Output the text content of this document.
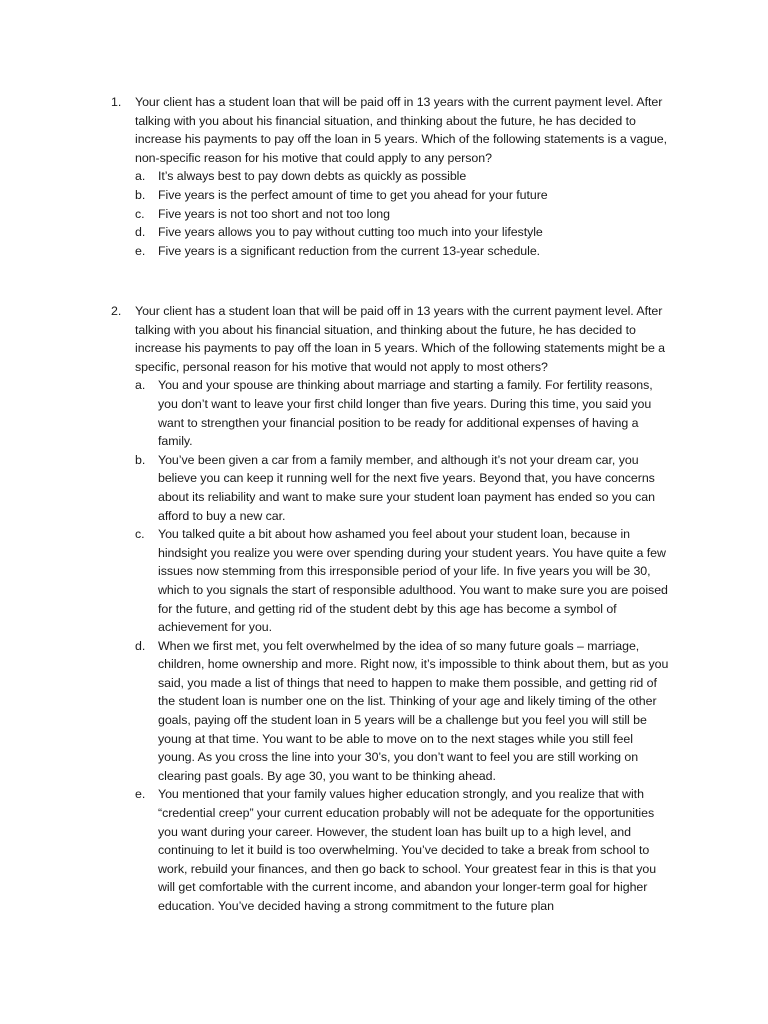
1.	Your client has a student loan that will be paid off in 13 years with the current payment level. After talking with you about his financial situation, and thinking about the future, he has decided to increase his payments to pay off the loan in 5 years. Which of the following statements is a vague, non-specific reason for his motive that could apply to any person?
a.	It’s always best to pay down debts as quickly as possible
b.	Five years is the perfect amount of time to get you ahead for your future
c.	Five years is not too short and not too long
d.	Five years allows you to pay without cutting too much into your lifestyle
e.	Five years is a significant reduction from the current 13-year schedule.
2.	Your client has a student loan that will be paid off in 13 years with the current payment level. After talking with you about his financial situation, and thinking about the future, he has decided to increase his payments to pay off the loan in 5 years. Which of the following statements might be a specific, personal reason for his motive that would not apply to most others?
a.	You and your spouse are thinking about marriage and starting a family. For fertility reasons, you don’t want to leave your first child longer than five years. During this time, you said you want to strengthen your financial position to be ready for additional expenses of having a family.
b.	You’ve been given a car from a family member, and although it’s not your dream car, you believe you can keep it running well for the next five years. Beyond that, you have concerns about its reliability and want to make sure your student loan payment has ended so you can afford to buy a new car.
c.	You talked quite a bit about how ashamed you feel about your student loan, because in hindsight you realize you were over spending during your student years. You have quite a few issues now stemming from this irresponsible period of your life. In five years you will be 30, which to you signals the start of responsible adulthood. You want to make sure you are poised for the future, and getting rid of the student debt by this age has become a symbol of achievement for you.
d.	When we first met, you felt overwhelmed by the idea of so many future goals – marriage, children, home ownership and more. Right now, it’s impossible to think about them, but as you said, you made a list of things that need to happen to make them possible, and getting rid of the student loan is number one on the list. Thinking of your age and likely timing of the other goals, paying off the student loan in 5 years will be a challenge but you feel you will still be young at that time. You want to be able to move on to the next stages while you still feel young. As you cross the line into your 30’s, you don’t want to feel you are still working on clearing past goals. By age 30, you want to be thinking ahead.
e.	You mentioned that your family values higher education strongly, and you realize that with “credential creep” your current education probably will not be adequate for the opportunities you want during your career. However, the student loan has built up to a high level, and continuing to let it build is too overwhelming. You’ve decided to take a break from school to work, rebuild your finances, and then go back to school. Your greatest fear in this is that you will get comfortable with the current income, and abandon your longer-term goal for higher education. You’ve decided having a strong commitment to the future plan
